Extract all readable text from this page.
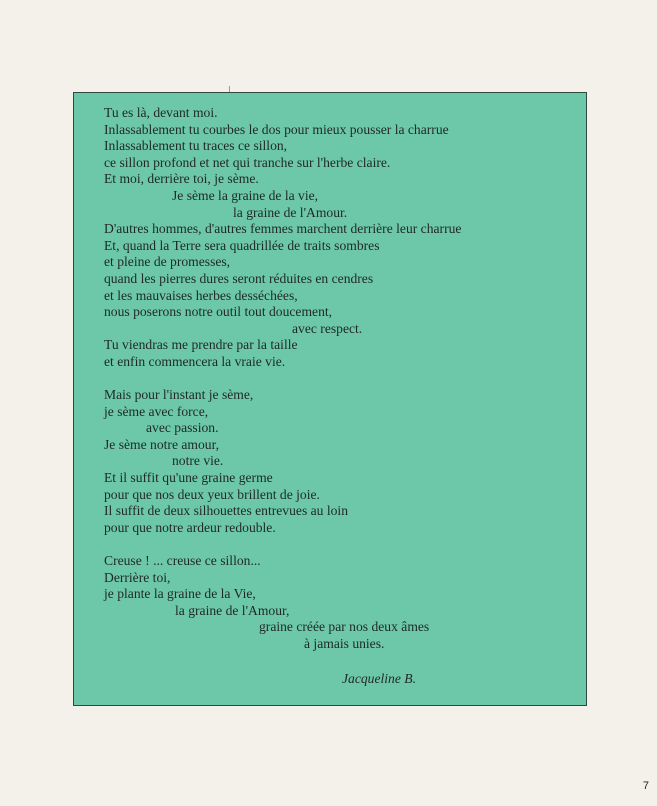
Tu es là, devant moi.
Inlassablement tu courbes le dos pour mieux pousser la charrue
Inlassablement tu traces ce sillon,
ce sillon profond et net qui tranche sur l'herbe claire.
Et moi, derrière toi, je sème.
Je sème la graine de la vie,
la graine de l'Amour.
D'autres hommes, d'autres femmes marchent derrière leur charrue
Et, quand la Terre sera quadrillée de traits sombres
et pleine de promesses,
quand les pierres dures seront réduites en cendres
et les mauvaises herbes desséchées,
nous poserons notre outil tout doucement,
avec respect.
Tu viendras me prendre par la taille
et enfin commencera la vraie vie.
Mais pour l'instant je sème,
je sème avec force,
avec passion.
Je sème notre amour,
notre vie.
Et il suffit qu'une graine germe
pour que nos deux yeux brillent de joie.
Il suffit de deux silhouettes entrevues au loin
pour que notre ardeur redouble.
Creuse ! ... creuse ce sillon...
Derrière toi,
je plante la graine de la Vie,
la graine de l'Amour,
graine créée par nos deux âmes
à jamais unies.
Jacqueline B.
7
